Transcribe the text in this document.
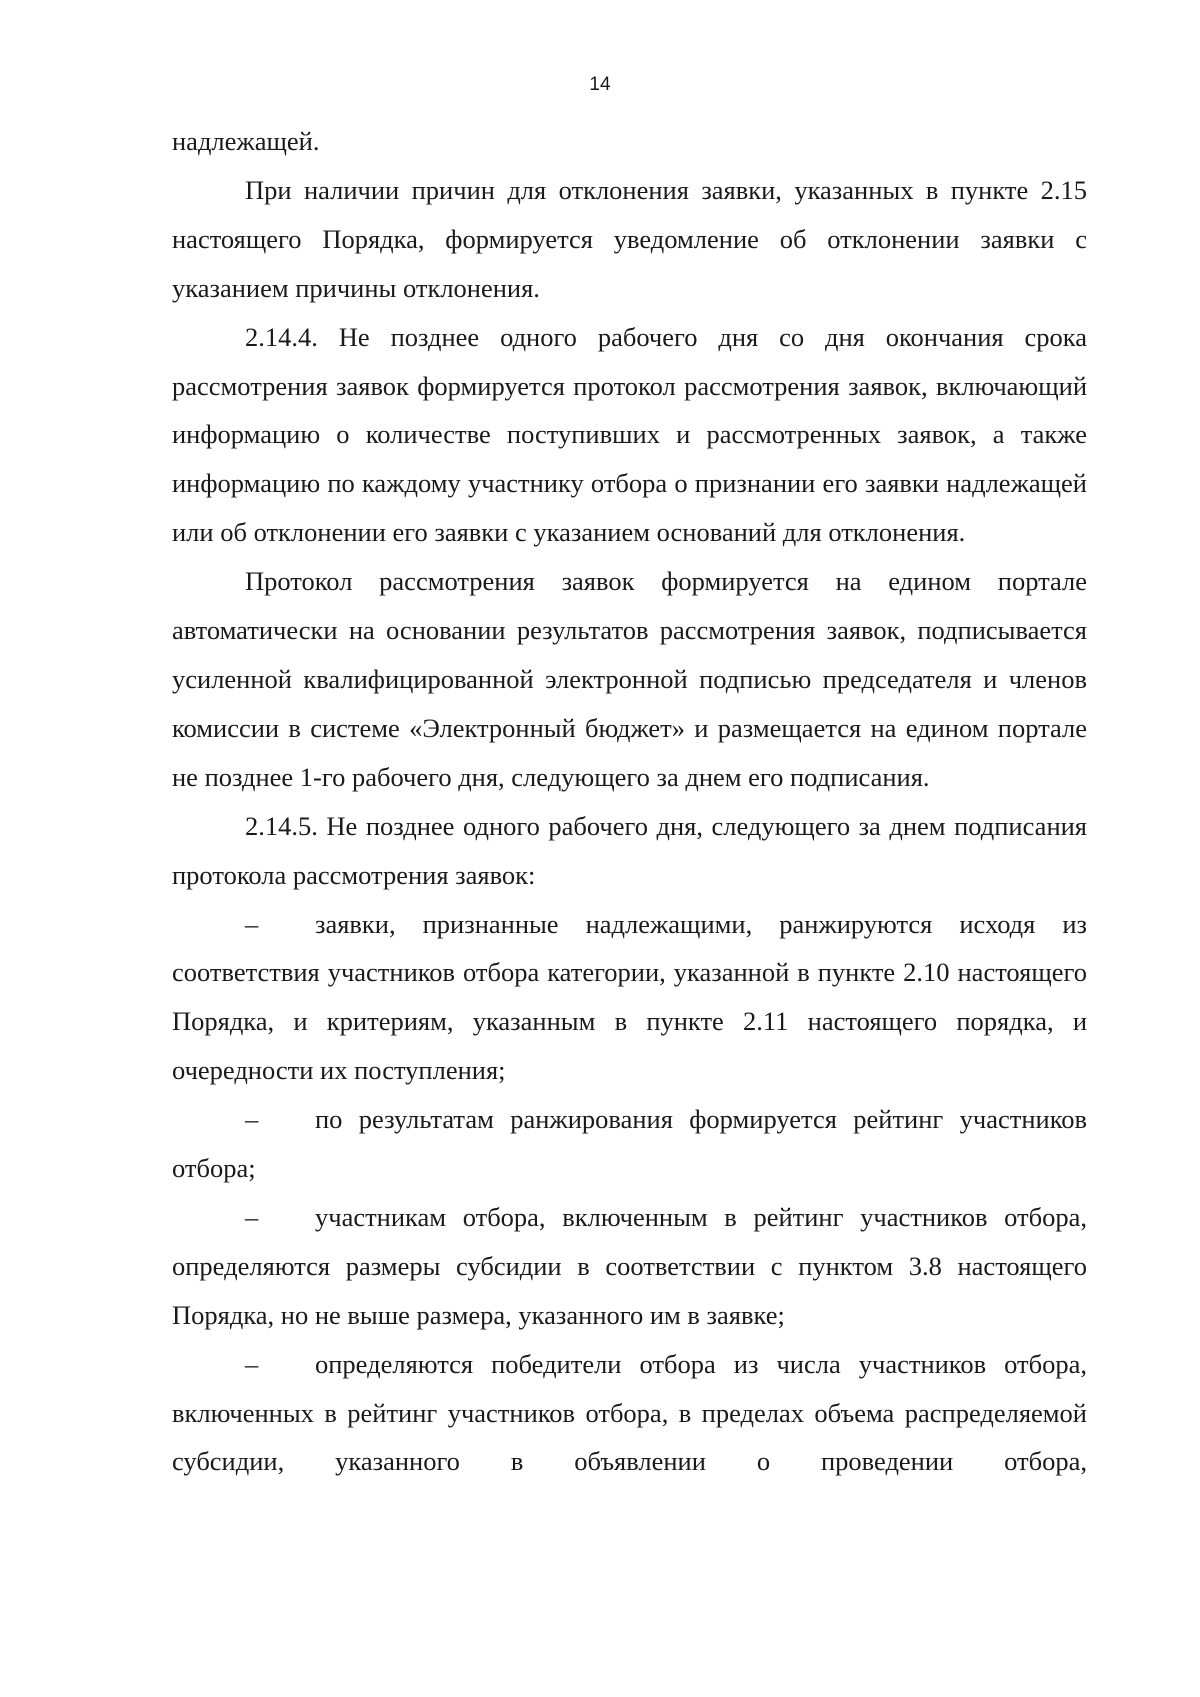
14

надлежащей.

При наличии причин для отклонения заявки, указанных в пункте 2.15 настоящего Порядка, формируется уведомление об отклонении заявки с указанием причины отклонения.

2.14.4. Не позднее одного рабочего дня со дня окончания срока рассмотрения заявок формируется протокол рассмотрения заявок, включающий информацию о количестве поступивших и рассмотренных заявок, а также информацию по каждому участнику отбора о признании его заявки надлежащей или об отклонении его заявки с указанием оснований для отклонения.

Протокол рассмотрения заявок формируется на едином портале автоматически на основании результатов рассмотрения заявок, подписывается усиленной квалифицированной электронной подписью председателя и членов комиссии в системе «Электронный бюджет» и размещается на едином портале не позднее 1-го рабочего дня, следующего за днем его подписания.

2.14.5. Не позднее одного рабочего дня, следующего за днем подписания протокола рассмотрения заявок:

– заявки, признанные надлежащими, ранжируются исходя из соответствия участников отбора категории, указанной в пункте 2.10 настоящего Порядка, и критериям, указанным в пункте 2.11 настоящего порядка, и очередности их поступления;

– по результатам ранжирования формируется рейтинг участников отбора;

– участникам отбора, включенным в рейтинг участников отбора, определяются размеры субсидии в соответствии с пунктом 3.8 настоящего Порядка, но не выше размера, указанного им в заявке;

– определяются победители отбора из числа участников отбора, включенных в рейтинг участников отбора, в пределах объема распределяемой субсидии, указанного в объявлении о проведении отбора,
